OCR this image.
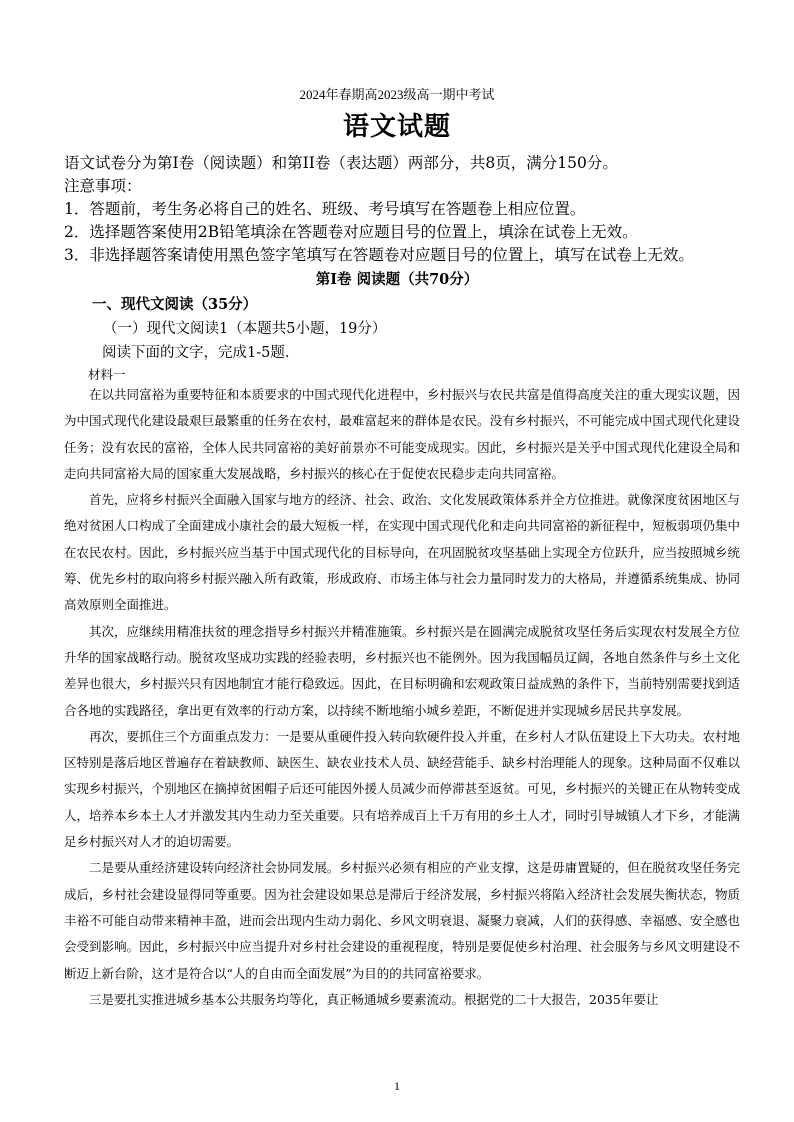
2024年春期高2023级高一期中考试
语文试题
语文试卷分为第I卷（阅读题）和第II卷（表达题）两部分，共8页，满分150分。
注意事项：
1．答题前，考生务必将自己的姓名、班级、考号填写在答题卷上相应位置。
2．选择题答案使用2B铅笔填涂在答题卷对应题目号的位置上，填涂在试卷上无效。
3．非选择题答案请使用黑色签字笔填写在答题卷对应题目号的位置上，填写在试卷上无效。
第I卷 阅读题（共70分）
一、现代文阅读（35分）
（一）现代文阅读1（本题共5小题，19分）
阅读下面的文字，完成1-5题.
材料一

在以共同富裕为重要特征和本质要求的中国式现代化进程中，乡村振兴与农民共富是值得高度关注的重大现实议题，因为中国式现代化建设最艰巨最繁重的任务在农村，最难富起来的群体是农民。没有乡村振兴，不可能完成中国式现代化建设任务；没有农民的富裕，全体人民共同富裕的美好前景亦不可能变成现实。因此，乡村振兴是关乎中国式现代化建设全局和走向共同富裕大局的国家重大发展战略，乡村振兴的核心在于促使农民稳步走向共同富裕。

首先，应将乡村振兴全面融入国家与地方的经济、社会、政治、文化发展政策体系并全方位推进。就像深度贫困地区与绝对贫困人口构成了全面建成小康社会的最大短板一样，在实现中国式现代化和走向共同富裕的新征程中，短板弱项仍集中在农民农村。因此，乡村振兴应当基于中国式现代化的目标导向，在巩固脱贫攻坚基础上实现全方位跃升，应当按照城乡统筹、优先乡村的取向将乡村振兴融入所有政策，形成政府、市场主体与社会力量同时发力的大格局，并遵循系统集成、协同高效原则全面推进。

其次，应继续用精准扶贫的理念指导乡村振兴并精准施策。乡村振兴是在圆满完成脱贫攻坚任务后实现农村发展全方位升华的国家战略行动。脱贫攻坚成功实践的经验表明，乡村振兴也不能例外。因为我国幅员辽阔，各地自然条件与乡土文化差异也很大，乡村振兴只有因地制宜才能行稳致远。因此，在目标明确和宏观政策日益成熟的条件下，当前特别需要找到适合各地的实践路径，拿出更有效率的行动方案，以持续不断地缩小城乡差距，不断促进并实现城乡居民共享发展。

再次，要抓住三个方面重点发力：一是要从重硬件投入转向软硬件投入并重，在乡村人才队伍建设上下大功夫。农村地区特别是落后地区普遍存在着缺教师、缺医生、缺农业技术人员、缺经营能手、缺乡村治理能人的现象。这种局面不仅难以实现乡村振兴，个别地区在摘掉贫困帽子后还可能因外援人员减少而停滞甚至返贫。可见，乡村振兴的关键正在从物转变成人，培养本乡本土人才并激发其内生动力至关重要。只有培养成百上千万有用的乡土人才，同时引导城镇人才下乡，才能满足乡村振兴对人才的迫切需要。

二是要从重经济建设转向经济社会协同发展。乡村振兴必须有相应的产业支撑，这是毋庸置疑的，但在脱贫攻坚任务完成后，乡村社会建设显得同等重要。因为社会建设如果总是滞后于经济发展，乡村振兴将陷入经济社会发展失衡状态，物质丰裕不可能自动带来精神丰盈，进而会出现内生动力弱化、乡风文明衰退、凝聚力衰减，人们的获得感、幸福感、安全感也会受到影响。因此，乡村振兴中应当提升对乡村社会建设的重视程度，特别是要促使乡村治理、社会服务与乡风文明建设不断迈上新台阶，这才是符合以“人的自由而全面发展”为目的的共同富裕要求。

三是要扎实推进城乡基本公共服务均等化，真正畅通城乡要素流动。根据党的二十大报告，2035年要让

1
